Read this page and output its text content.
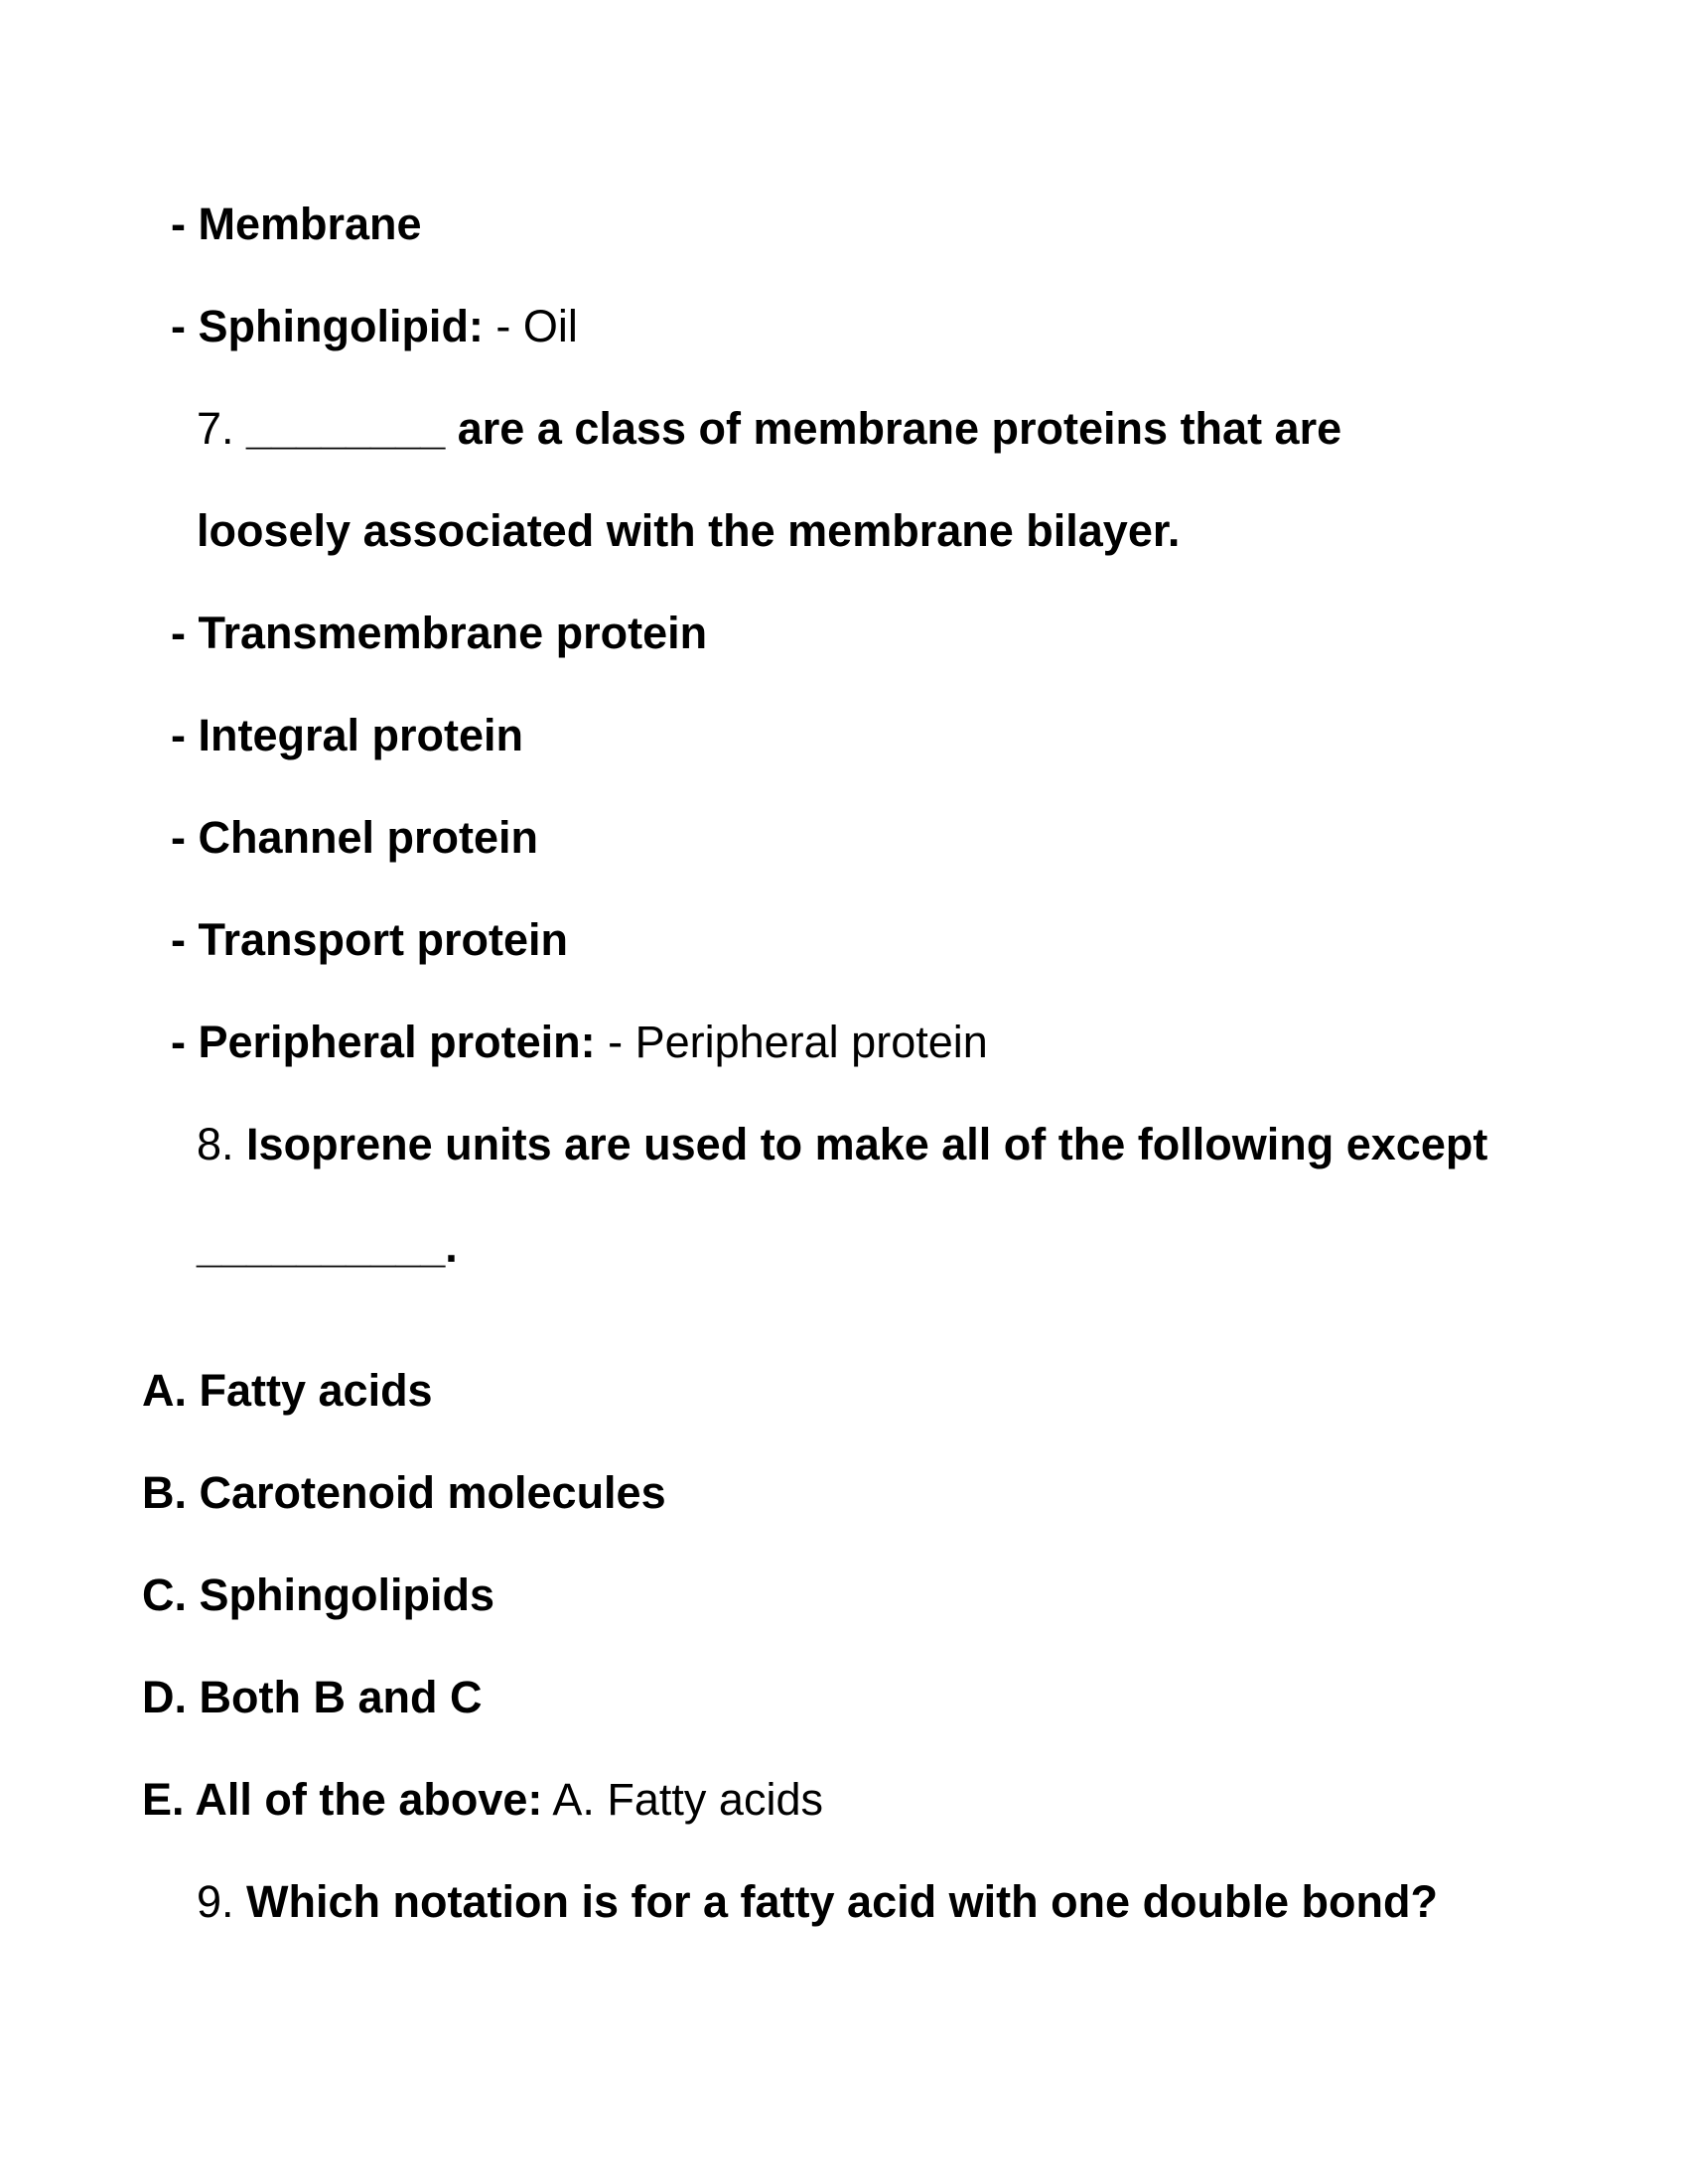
- Membrane
- Sphingolipid: - Oil
7. ________ are a class of membrane proteins that are
loosely associated with the membrane bilayer.
- Transmembrane protein
- Integral protein
- Channel protein
- Transport protein
- Peripheral protein: - Peripheral protein
8. Isoprene units are used to make all of the following except
__________.
A. Fatty acids
B. Carotenoid molecules
C. Sphingolipids
D. Both B and C
E. All of the above: A. Fatty acids
9. Which notation is for a fatty acid with one double bond?
